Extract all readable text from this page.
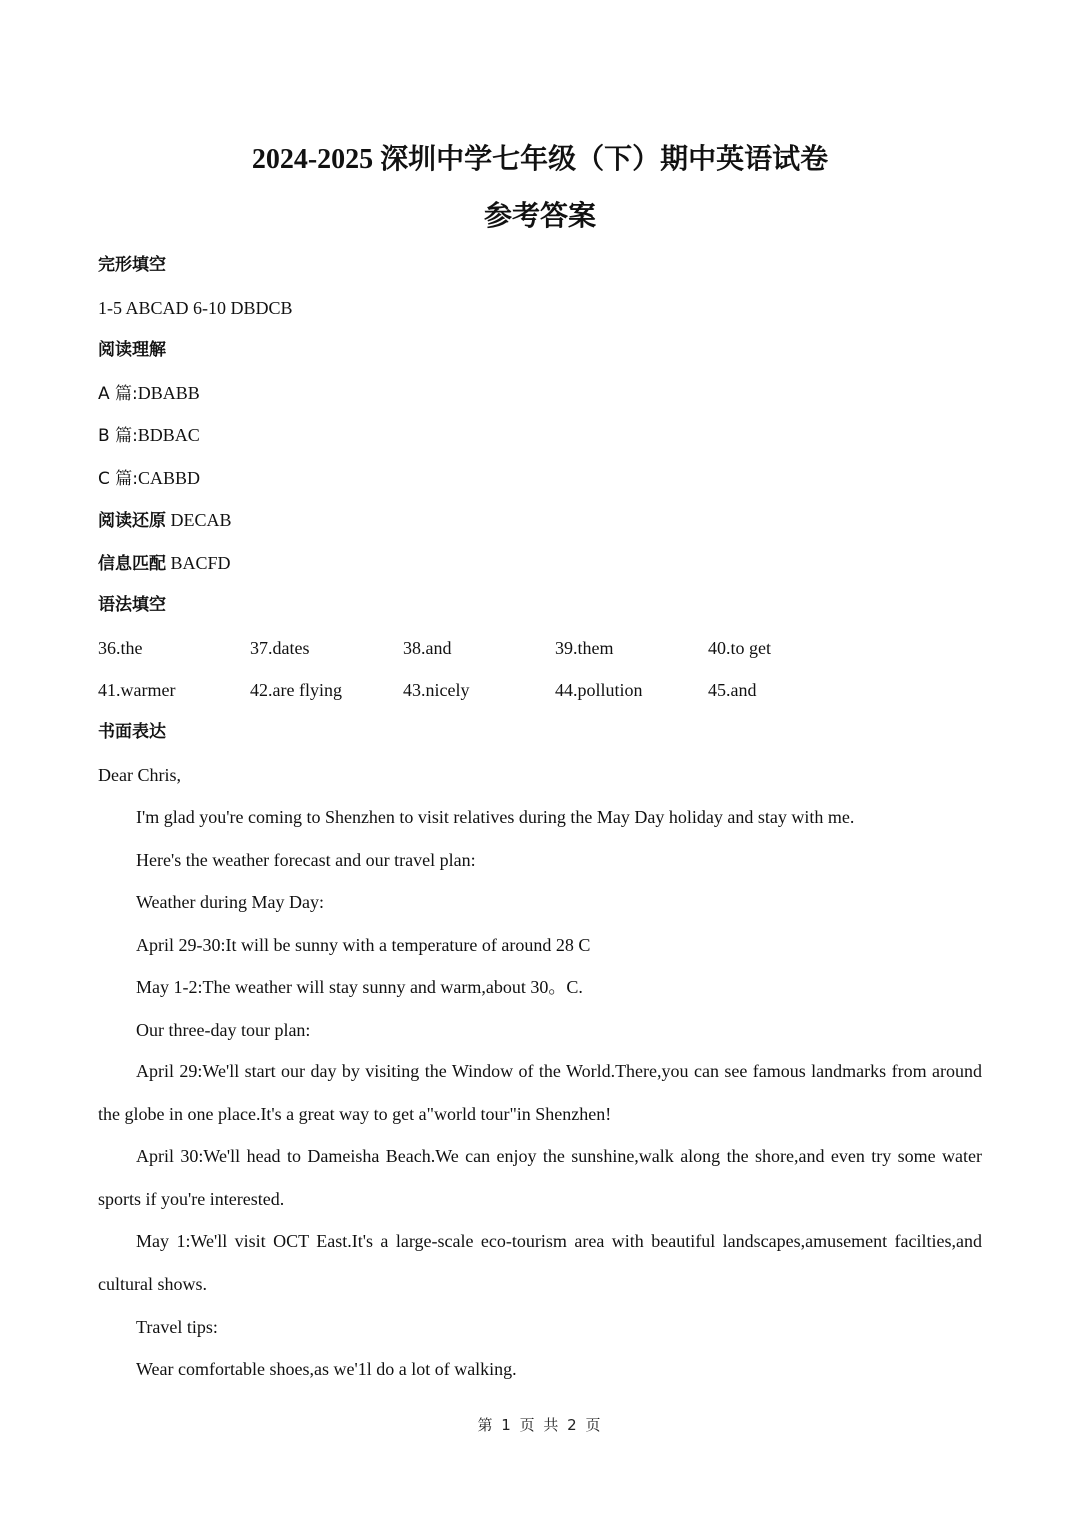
2024-2025 深圳中学七年级（下）期中英语试卷
参考答案
完形填空
1-5 ABCAD 6-10 DBDCB
阅读理解
A 篇:DBABB
B 篇:BDBAC
C 篇:CABBD
阅读还原 DECAB
信息匹配 BACFD
语法填空
36.the	37.dates	38.and	39.them	40.to get
41.warmer	42.are flying	43.nicely	44.pollution	45.and
书面表达
Dear Chris,
I'm glad you're coming to Shenzhen to visit relatives during the May Day holiday and stay with me.
Here's the weather forecast and our travel plan:
Weather during May Day:
April 29-30:It will be sunny with a temperature of around 28 C
May 1-2:The weather will stay sunny and warm,about 30。C.
Our three-day tour plan:
April 29:We'll start our day by visiting the Window of the World.There,you can see famous landmarks from around the globe in one place.It's a great way to get a"world tour"in Shenzhen!
April 30:We'll head to Dameisha Beach.We can enjoy the sunshine,walk along the shore,and even try some water sports if you're interested.
May 1:We'll visit OCT East.It's a large-scale eco-tourism area with beautiful landscapes,amusement facilties,and cultural shows.
Travel tips:
Wear comfortable shoes,as we'1l do a lot of walking.
第 1 页 共 2 页
